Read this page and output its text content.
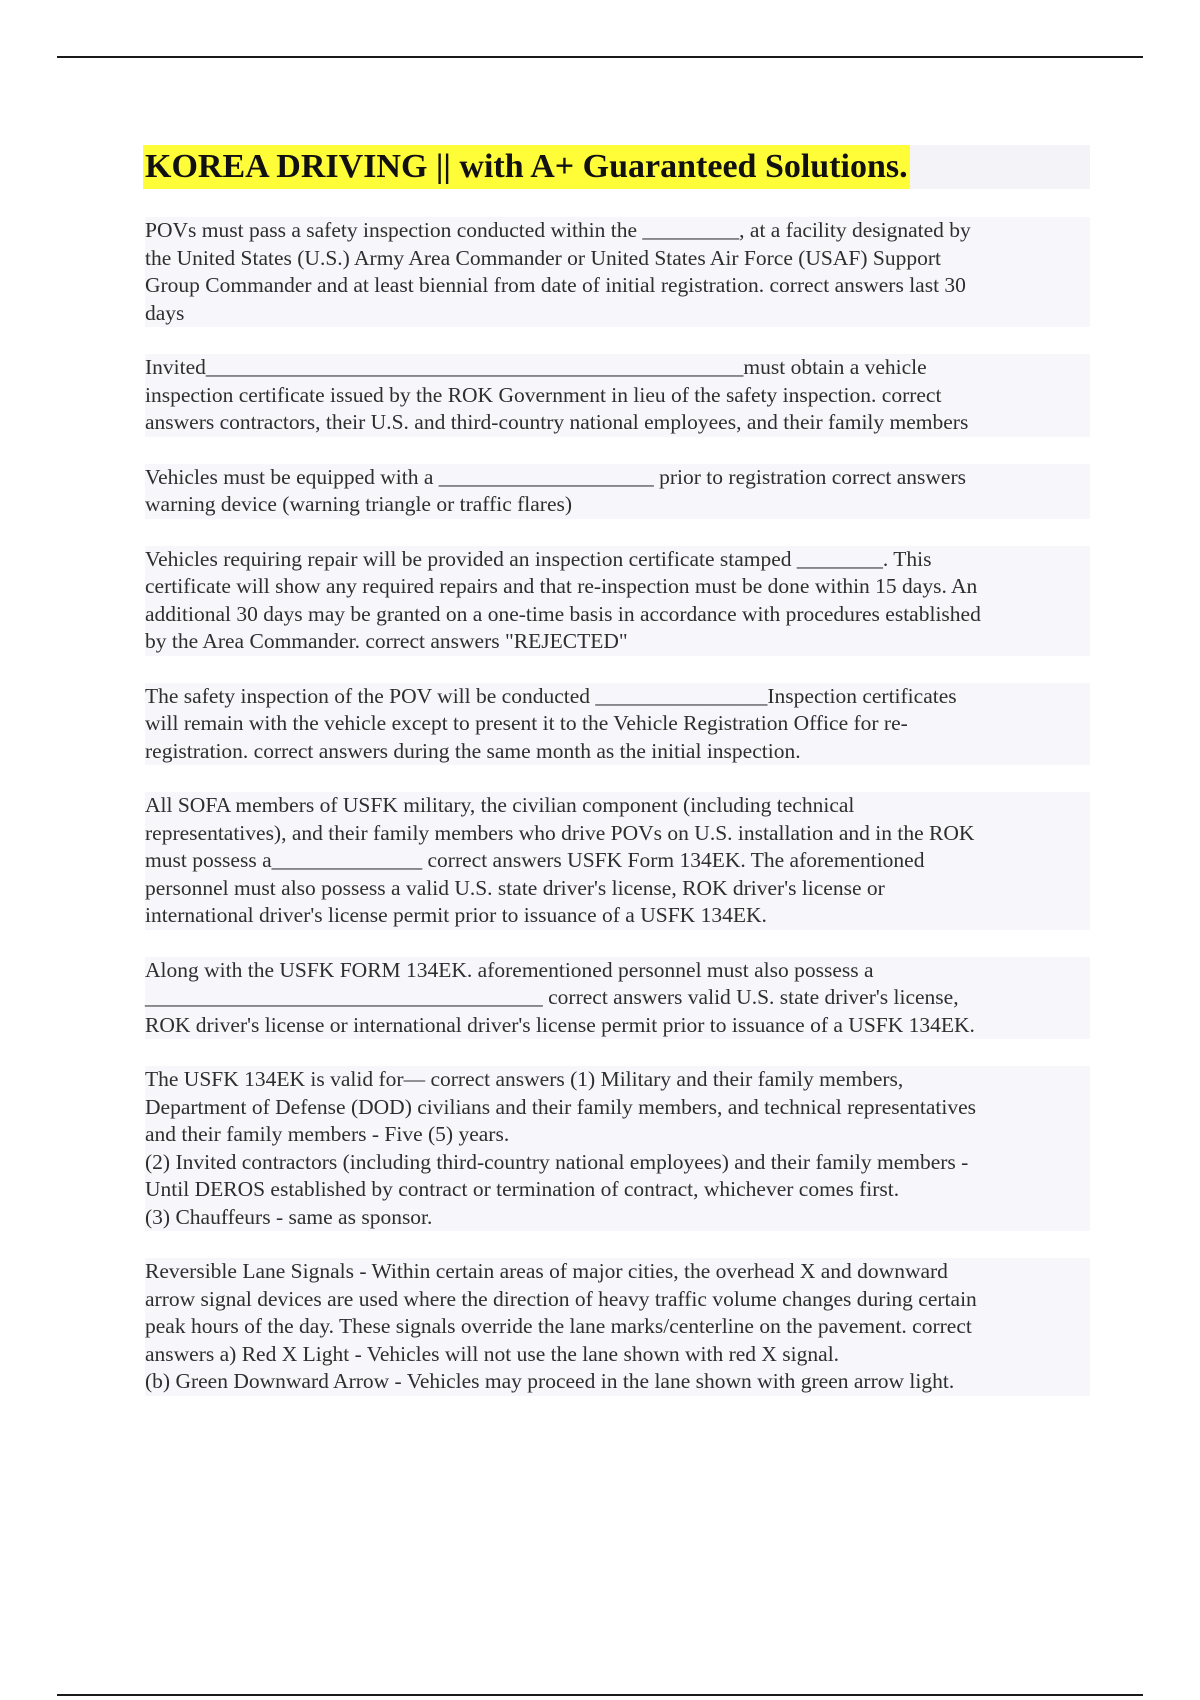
KOREA DRIVING || with A+ Guaranteed Solutions.
POVs must pass a safety inspection conducted within the _________, at a facility designated by
the United States (U.S.) Army Area Commander or United States Air Force (USAF) Support
Group Commander and at least biennial from date of initial registration. correct answers last 30
days
Invited__________________________________________________must obtain a vehicle
inspection certificate issued by the ROK Government in lieu of the safety inspection. correct
answers contractors, their U.S. and third-country national employees, and their family members
Vehicles must be equipped with a ____________________ prior to registration correct answers
warning device (warning triangle or traffic flares)
Vehicles requiring repair will be provided an inspection certificate stamped ________. This
certificate will show any required repairs and that re-inspection must be done within 15 days. An
additional 30 days may be granted on a one-time basis in accordance with procedures established
by the Area Commander. correct answers "REJECTED"
The safety inspection of the POV will be conducted ________________Inspection certificates
will remain with the vehicle except to present it to the Vehicle Registration Office for re-
registration. correct answers during the same month as the initial inspection.
All SOFA members of USFK military, the civilian component (including technical
representatives), and their family members who drive POVs on U.S. installation and in the ROK
must possess a______________ correct answers USFK Form 134EK. The aforementioned
personnel must also possess a valid U.S. state driver's license, ROK driver's license or
international driver's license permit prior to issuance of a USFK 134EK.
Along with the USFK FORM 134EK. aforementioned personnel must also possess a
_____________________________________ correct answers valid U.S. state driver's license,
ROK driver's license or international driver's license permit prior to issuance of a USFK 134EK.
The USFK 134EK is valid for— correct answers (1) Military and their family members,
Department of Defense (DOD) civilians and their family members, and technical representatives
and their family members - Five (5) years.
(2) Invited contractors (including third-country national employees) and their family members -
Until DEROS established by contract or termination of contract, whichever comes first.
(3) Chauffeurs - same as sponsor.
Reversible Lane Signals - Within certain areas of major cities, the overhead X and downward
arrow signal devices are used where the direction of heavy traffic volume changes during certain
peak hours of the day. These signals override the lane marks/centerline on the pavement. correct
answers a) Red X Light - Vehicles will not use the lane shown with red X signal.
(b) Green Downward Arrow - Vehicles may proceed in the lane shown with green arrow light.
